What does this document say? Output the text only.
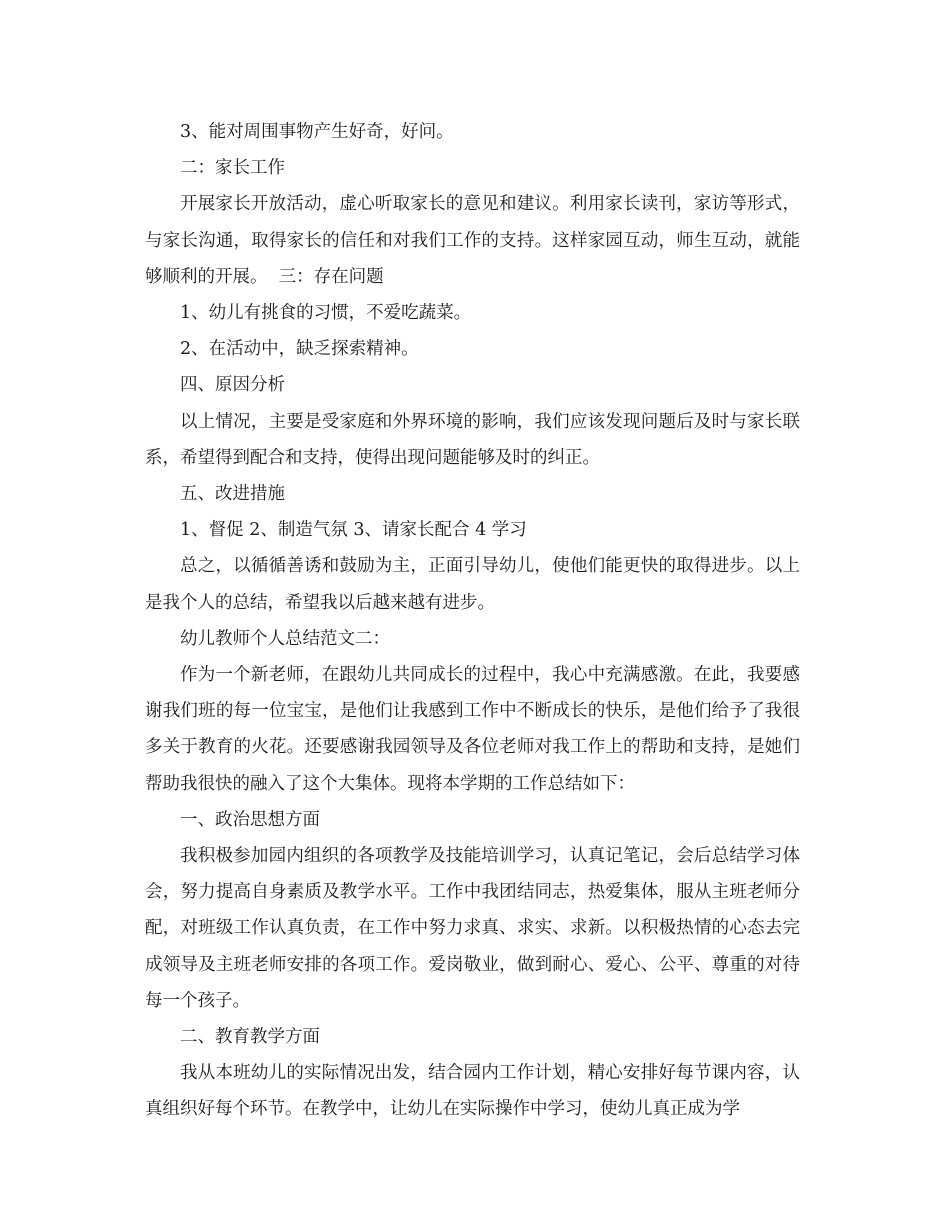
3、能对周围事物产生好奇，好问。

二：家长工作

开展家长开放活动，虚心听取家长的意见和建议。利用家长读刊，家访等形式，与家长沟通，取得家长的信任和对我们工作的支持。这样家园互动，师生互动，就能够顺利的开展。  三：存在问题

1、幼儿有挑食的习惯，不爱吃蔬菜。

2、在活动中，缺乏探索精神。

四、原因分析

以上情况，主要是受家庭和外界环境的影响，我们应该发现问题后及时与家长联系，希望得到配合和支持，使得出现问题能够及时的纠正。

五、改进措施

1、督促 2、制造气氛 3、请家长配合 4 学习

总之，以循循善诱和鼓励为主，正面引导幼儿，使他们能更快的取得进步。以上是我个人的总结，希望我以后越来越有进步。

幼儿教师个人总结范文二：

作为一个新老师，在跟幼儿共同成长的过程中，我心中充满感激。在此，我要感谢我们班的每一位宝宝，是他们让我感到工作中不断成长的快乐，是他们给予了我很多关于教育的火花。还要感谢我园领导及各位老师对我工作上的帮助和支持，是她们帮助我很快的融入了这个大集体。现将本学期的工作总结如下：

一、政治思想方面

我积极参加园内组织的各项教学及技能培训学习，认真记笔记，会后总结学习体会，努力提高自身素质及教学水平。工作中我团结同志，热爱集体，服从主班老师分配，对班级工作认真负责，在工作中努力求真、求实、求新。以积极热情的心态去完成领导及主班老师安排的各项工作。爱岗敬业，做到耐心、爱心、公平、尊重的对待每一个孩子。

二、教育教学方面

我从本班幼儿的实际情况出发，结合园内工作计划，精心安排好每节课内容，认真组织好每个环节。在教学中，让幼儿在实际操作中学习，使幼儿真正成为学
